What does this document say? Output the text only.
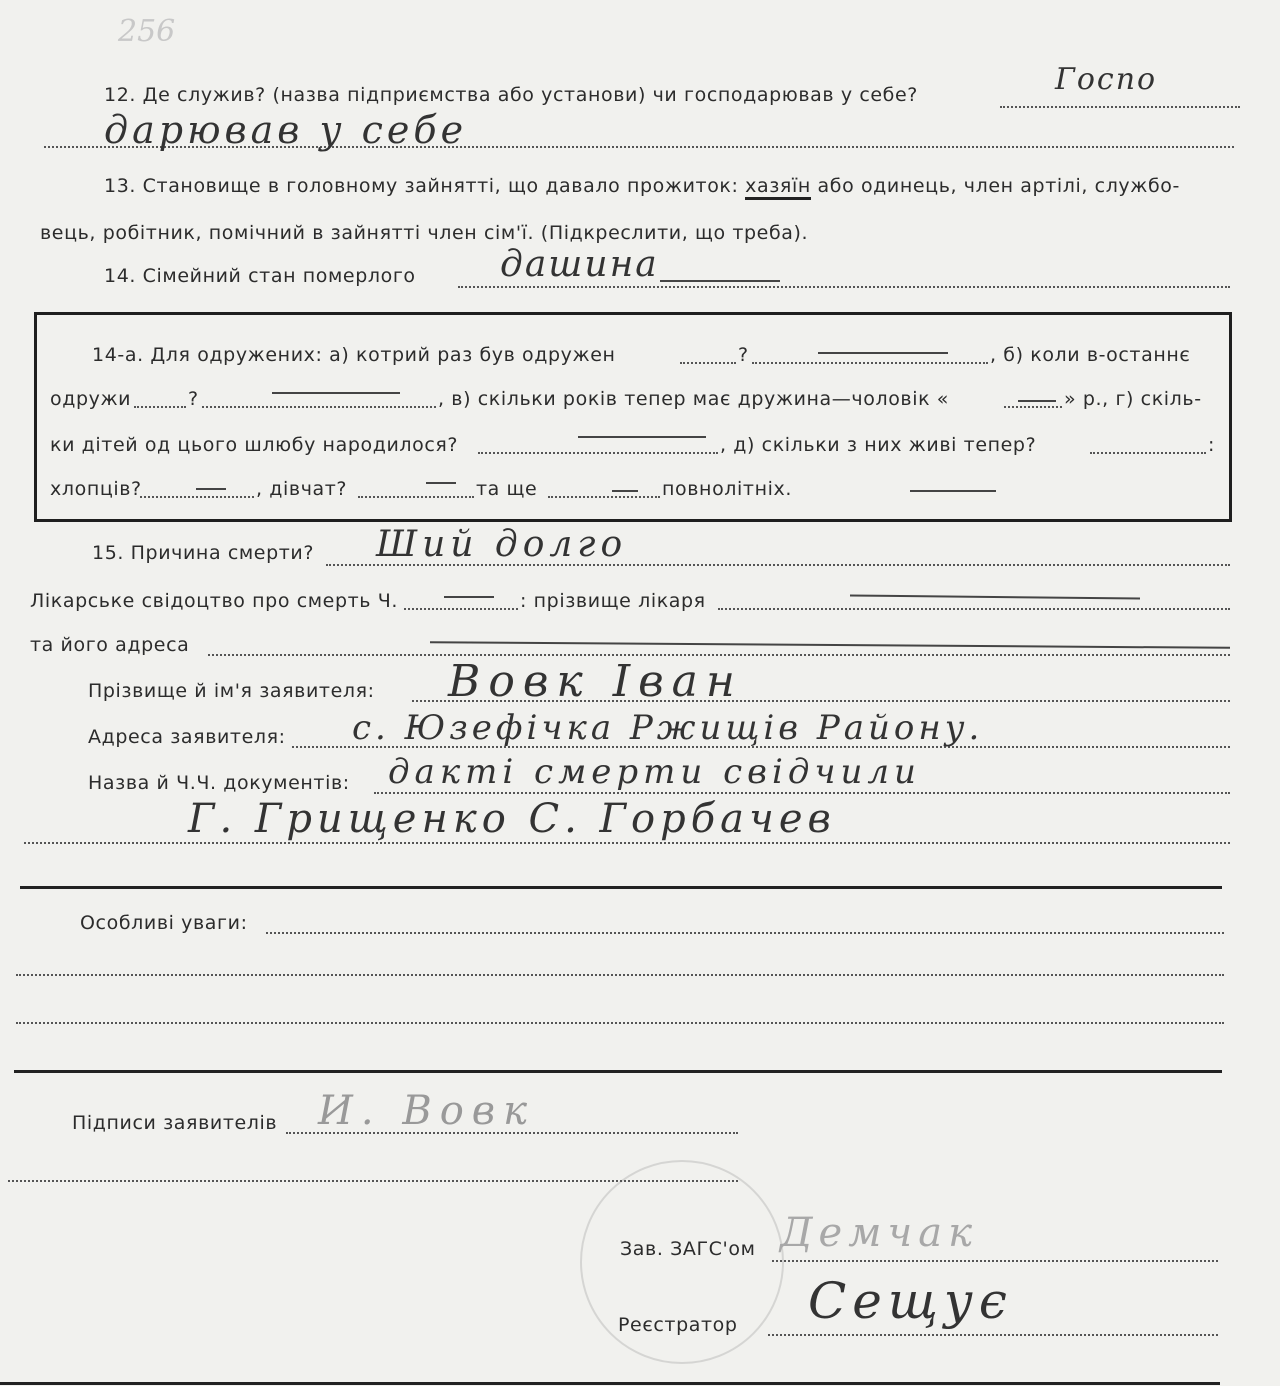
256
12. Де служив? (назва підприємства або установи) чи господарював у себе?	Госпо
дарював у себе
13. Становище в головному зайнятті, що давало прожиток: хазяїн або одинець, член артілі, службо-
вець, робітник, помічний в зайнятті член сім'ї. (Підкреслити, що треба).
14. Сімейний стан померлого дaшина
14-а. Для одружених: а) котрий раз був одружен	?	, б) коли в-останнє
одружи	?	, в) скільки років тепер має дружина—чоловік «	» р., г) скіль-
ки дітей од цього шлюбу народилося?	, д) скільки з них живі тепер?	:
хлопців?	, дівчат?	та ще	повнолітніх.
15. Причина смерти? Ший долго
Лікарське свідоцтво про смерть Ч.	: прізвище лікаря
та його адреса
Прізвище й ім'я заявителя: Вовк Іван
Адреса заявителя: с. Юзефічка Ржищів Району.
Назва й Ч.Ч. документів: дакті смерти свідчили
Г. Грищенко С. Горбачев
Особливі уваги:
Підписи заявителів И. Вовк
Зав. ЗАГС'ом Демчак
Реєстратор Сещує
